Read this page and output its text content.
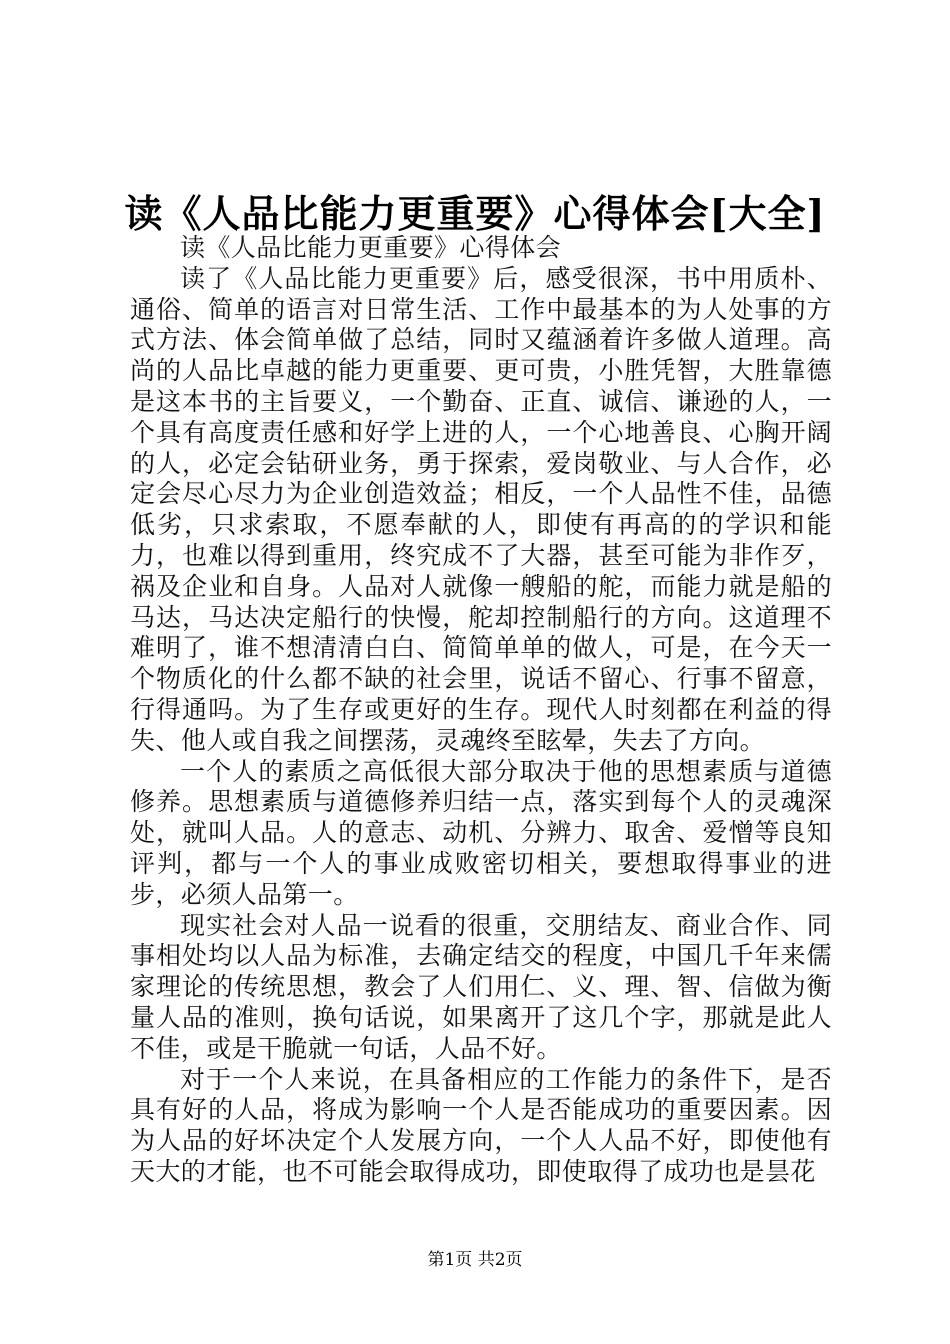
读《人品比能力更重要》心得体会[大全]

读《人品比能力更重要》心得体会

读了《人品比能力更重要》后，感受很深，书中用质朴、通俗、简单的语言对日常生活、工作中最基本的为人处事的方式方法、体会简单做了总结，同时又蕴涵着许多做人道理。高尚的人品比卓越的能力更重要、更可贵，小胜凭智，大胜靠德是这本书的主旨要义，一个勤奋、正直、诚信、谦逊的人，一个具有高度责任感和好学上进的人，一个心地善良、心胸开阔的人，必定会钻研业务，勇于探索，爱岗敬业、与人合作，必定会尽心尽力为企业创造效益；相反，一个人品性不佳，品德低劣，只求索取，不愿奉献的人，即使有再高的的学识和能力，也难以得到重用，终究成不了大器，甚至可能为非作歹，祸及企业和自身。人品对人就像一艘船的舵，而能力就是船的马达，马达决定船行的快慢，舵却控制船行的方向。这道理不难明了，谁不想清清白白、简简单单的做人，可是，在今天一个物质化的什么都不缺的社会里，说话不留心、行事不留意，行得通吗。为了生存或更好的生存。现代人时刻都在利益的得失、他人或自我之间摆荡，灵魂终至眩晕，失去了方向。

一个人的素质之高低很大部分取决于他的思想素质与道德修养。思想素质与道德修养归结一点，落实到每个人的灵魂深处，就叫人品。人的意志、动机、分辨力、取舍、爱憎等良知评判，都与一个人的事业成败密切相关，要想取得事业的进步，必须人品第一。

现实社会对人品一说看的很重，交朋结友、商业合作、同事相处均以人品为标准，去确定结交的程度，中国几千年来儒家理论的传统思想，教会了人们用仁、义、理、智、信做为衡量人品的准则，换句话说，如果离开了这几个字，那就是此人不佳，或是干脆就一句话，人品不好。

对于一个人来说，在具备相应的工作能力的条件下，是否具有好的人品，将成为影响一个人是否能成功的重要因素。因为人品的好坏决定个人发展方向，一个人人品不好，即使他有天大的才能，也不可能会取得成功，即使取得了成功也是昙花

第1页 共2页
